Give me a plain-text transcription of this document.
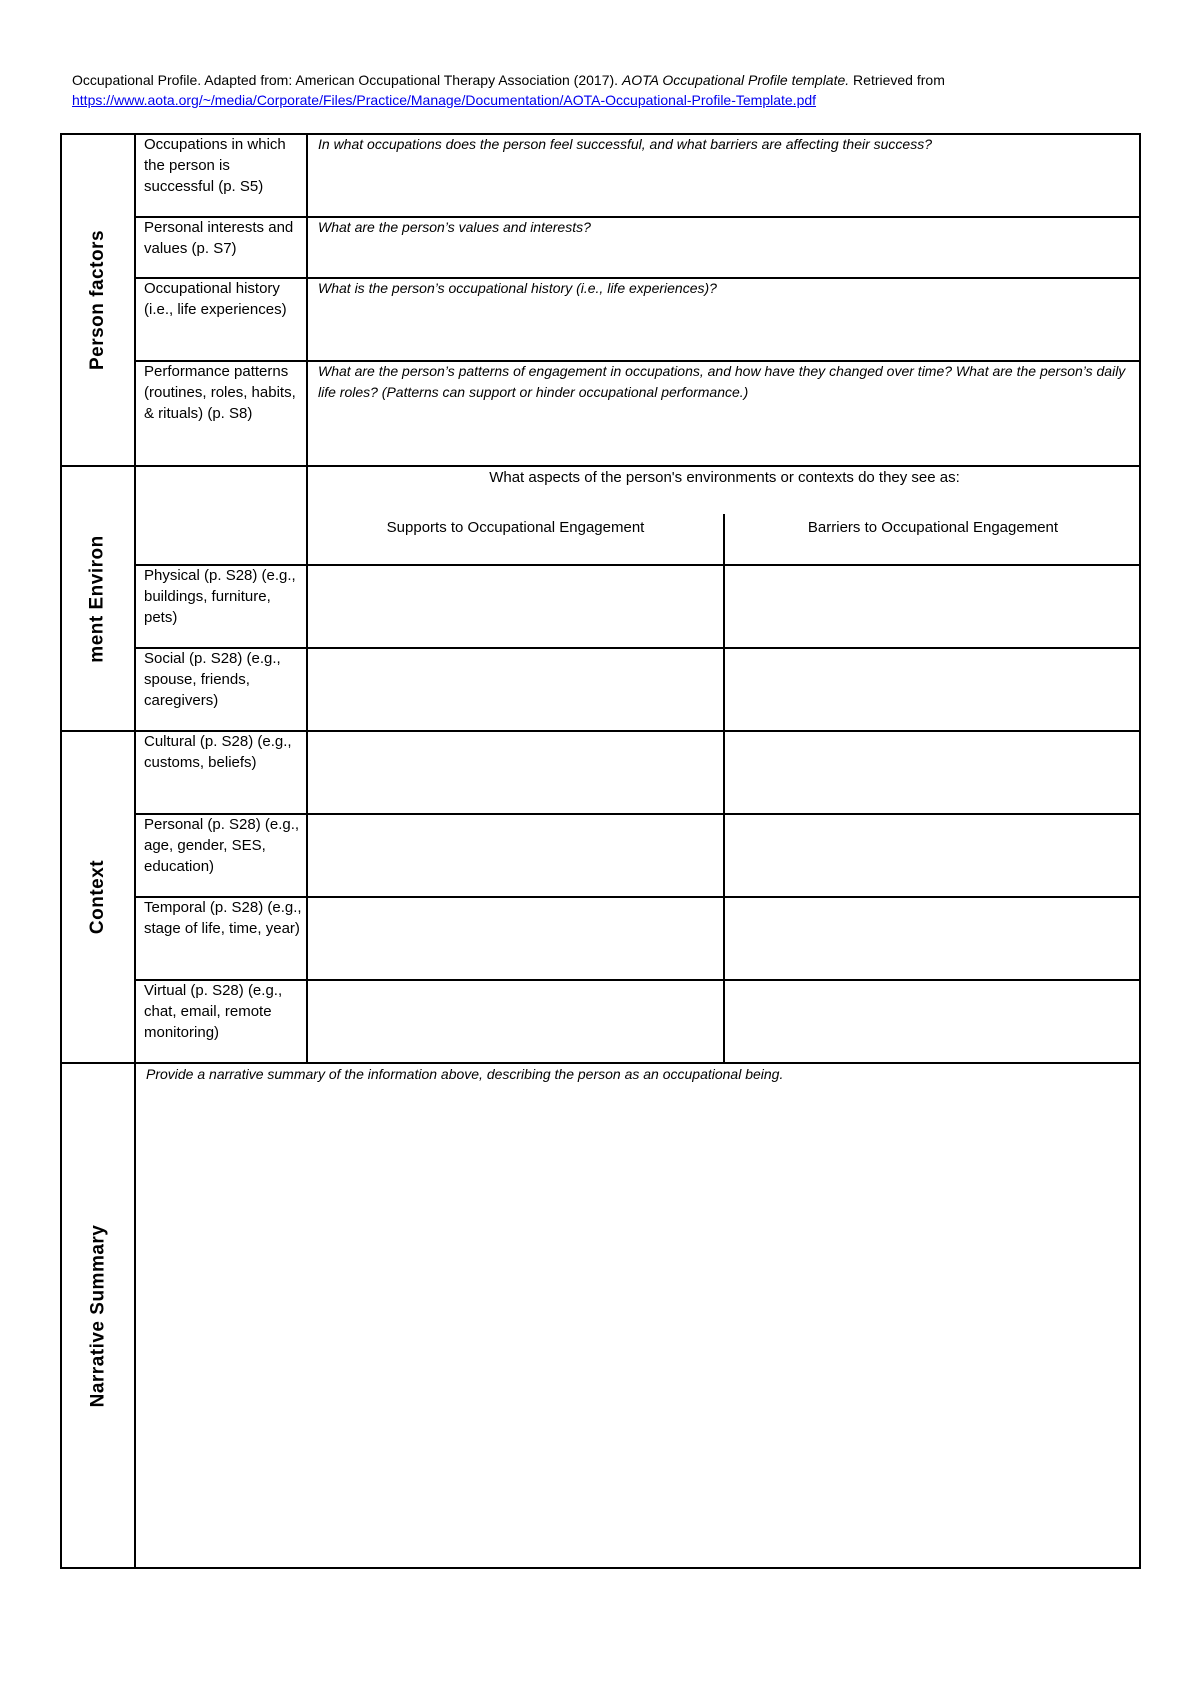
Occupational Profile. Adapted from: American Occupational Therapy Association (2017). AOTA Occupational Profile template. Retrieved from
https://www.aota.org/~/media/Corporate/Files/Practice/Manage/Documentation/AOTA-Occupational-Profile-Template.pdf
Person factors
ment Environ
Context
Narrative Summary
Occupations in which the person is successful (p. S5)
In what occupations does the person feel successful, and what barriers are affecting their success?
Personal interests and values (p. S7)
What are the person’s values and interests?
Occupational history (i.e., life experiences)
What is the person’s occupational history (i.e., life experiences)?
Performance patterns (routines, roles, habits, & rituals) (p. S8)
What are the person’s patterns of engagement in occupations, and how have they changed over time? What are the person’s daily life roles? (Patterns can support or hinder occupational performance.)
What aspects of the person's environments or contexts do they see as:
Supports to Occupational Engagement	Barriers to Occupational Engagement
Physical (p. S28) (e.g., buildings, furniture, pets)
Social (p. S28) (e.g., spouse, friends, caregivers)
Cultural (p. S28) (e.g., customs, beliefs)
Personal (p. S28) (e.g., age, gender, SES, education)
Temporal (p. S28) (e.g., stage of life, time, year)
Virtual (p. S28) (e.g., chat, email, remote monitoring)
Provide a narrative summary of the information above, describing the person as an occupational being.
